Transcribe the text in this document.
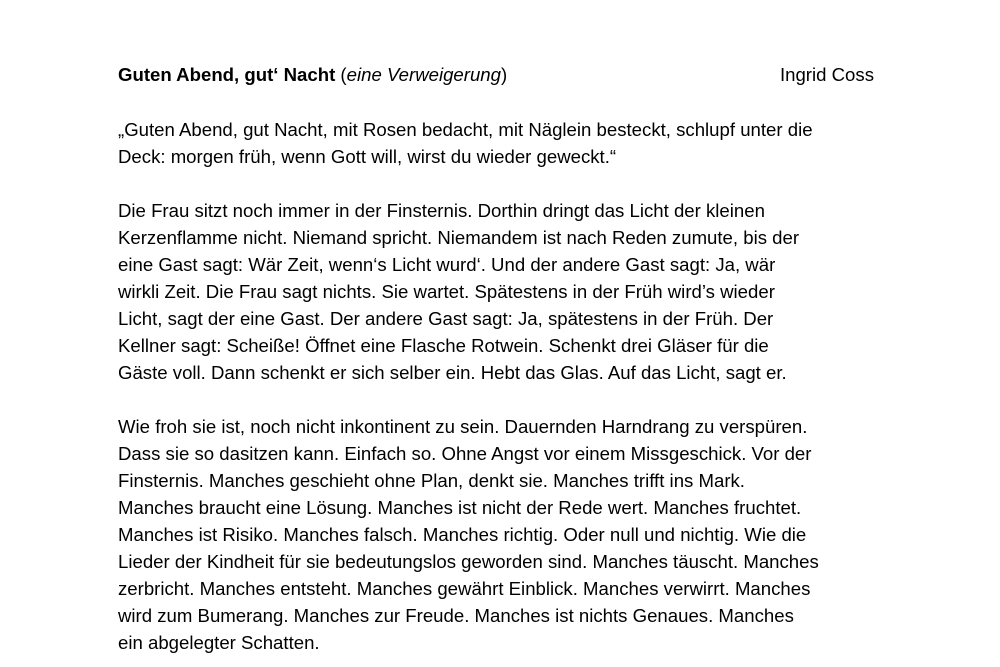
Guten Abend, gut‘ Nacht (eine Verweigerung)	Ingrid Coss
„Guten Abend, gut Nacht, mit Rosen bedacht, mit Näglein besteckt, schlupf unter die
Deck: morgen früh, wenn Gott will, wirst du wieder geweckt.“
Die Frau sitzt noch immer in der Finsternis. Dorthin dringt das Licht der kleinen
Kerzenflamme nicht. Niemand spricht. Niemandem ist nach Reden zumute, bis der
eine Gast sagt: Wär Zeit, wenn‘s Licht wurd‘. Und der andere Gast sagt: Ja, wär
wirkli Zeit. Die Frau sagt nichts. Sie wartet. Spätestens in der Früh wird’s wieder
Licht, sagt der eine Gast. Der andere Gast sagt: Ja, spätestens in der Früh. Der
Kellner sagt: Scheiße! Öffnet eine Flasche Rotwein. Schenkt drei Gläser für die
Gäste voll. Dann schenkt er sich selber ein. Hebt das Glas. Auf das Licht, sagt er.
Wie froh sie ist, noch nicht inkontinent zu sein. Dauernden Harndrang zu verspüren.
Dass sie so dasitzen kann. Einfach so. Ohne Angst vor einem Missgeschick. Vor der
Finsternis. Manches geschieht ohne Plan, denkt sie. Manches trifft ins Mark.
Manches braucht eine Lösung. Manches ist nicht der Rede wert. Manches fruchtet.
Manches ist Risiko. Manches falsch. Manches richtig. Oder null und nichtig. Wie die
Lieder der Kindheit für sie bedeutungslos geworden sind. Manches täuscht. Manches
zerbricht. Manches entsteht. Manches gewährt Einblick. Manches verwirrt. Manches
wird zum Bumerang. Manches zur Freude. Manches ist nichts Genaues. Manches
ein abgelegter Schatten.
